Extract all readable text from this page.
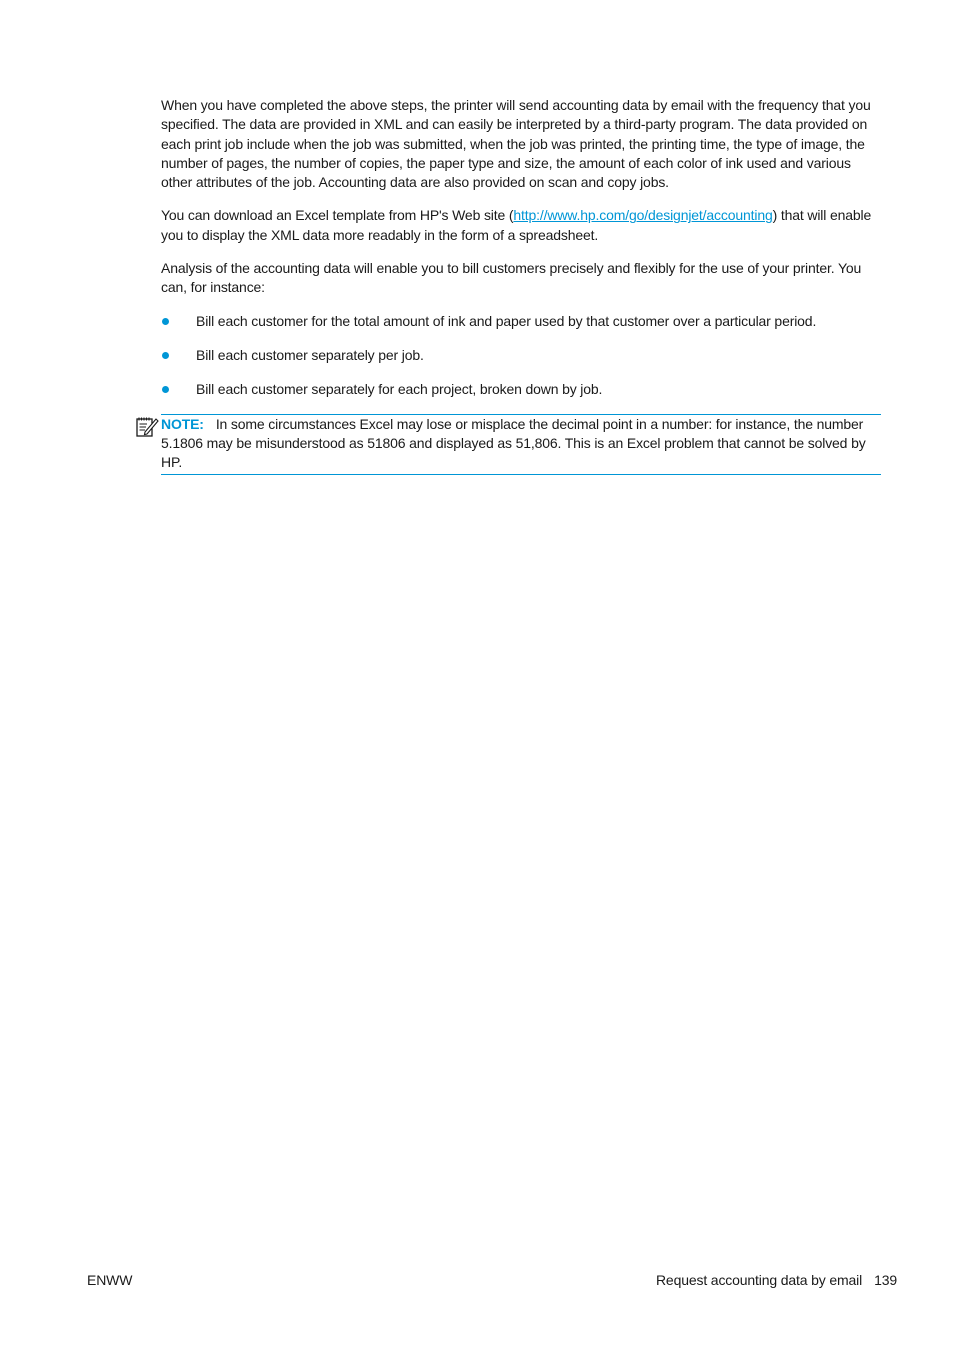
When you have completed the above steps, the printer will send accounting data by email with the frequency that you specified. The data are provided in XML and can easily be interpreted by a third-party program. The data provided on each print job include when the job was submitted, when the job was printed, the printing time, the type of image, the number of pages, the number of copies, the paper type and size, the amount of each color of ink used and various other attributes of the job. Accounting data are also provided on scan and copy jobs.

You can download an Excel template from HP's Web site (http://www.hp.com/go/designjet/accounting) that will enable you to display the XML data more readably in the form of a spreadsheet.

Analysis of the accounting data will enable you to bill customers precisely and flexibly for the use of your printer. You can, for instance:

Bill each customer for the total amount of ink and paper used by that customer over a particular period.
Bill each customer separately per job.
Bill each customer separately for each project, broken down by job.

NOTE: In some circumstances Excel may lose or misplace the decimal point in a number: for instance, the number 5.1806 may be misunderstood as 51806 and displayed as 51,806. This is an Excel problem that cannot be solved by HP.

ENWW	Request accounting data by email 139
